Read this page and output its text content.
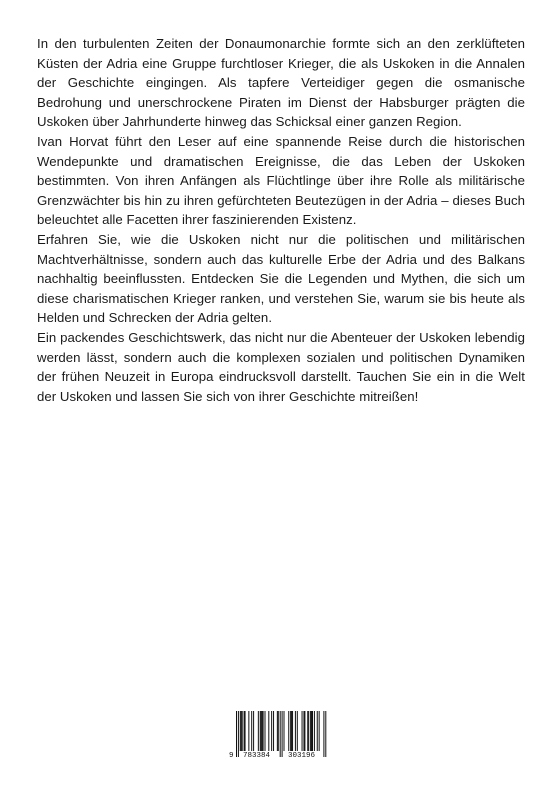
In den turbulenten Zeiten der Donaumonarchie formte sich an den zerklüfteten Küsten der Adria eine Gruppe furchtloser Krieger, die als Uskoken in die Annalen der Geschichte eingingen. Als tapfere Verteidiger gegen die osmanische Bedrohung und unerschrockene Piraten im Dienst der Habsburger prägten die Uskoken über Jahrhunderte hinweg das Schicksal einer ganzen Region.

Ivan Horvat führt den Leser auf eine spannende Reise durch die historischen Wendepunkte und dramatischen Ereignisse, die das Leben der Uskoken bestimmten. Von ihren Anfängen als Flüchtlinge über ihre Rolle als militärische Grenzwächter bis hin zu ihren gefürchteten Beutezügen in der Adria – dieses Buch beleuchtet alle Facetten ihrer faszinierenden Existenz.

Erfahren Sie, wie die Uskoken nicht nur die politischen und militärischen Machtverhältnisse, sondern auch das kulturelle Erbe der Adria und des Balkans nachhaltig beeinflussten. Entdecken Sie die Legenden und Mythen, die sich um diese charismatischen Krieger ranken, und verstehen Sie, warum sie bis heute als Helden und Schrecken der Adria gelten.

Ein packendes Geschichtswerk, das nicht nur die Abenteuer der Uskoken lebendig werden lässt, sondern auch die komplexen sozialen und politischen Dynamiken der frühen Neuzeit in Europa eindrucksvoll darstellt. Tauchen Sie ein in die Welt der Uskoken und lassen Sie sich von ihrer Geschichte mitreißen!

9 783384 303196
